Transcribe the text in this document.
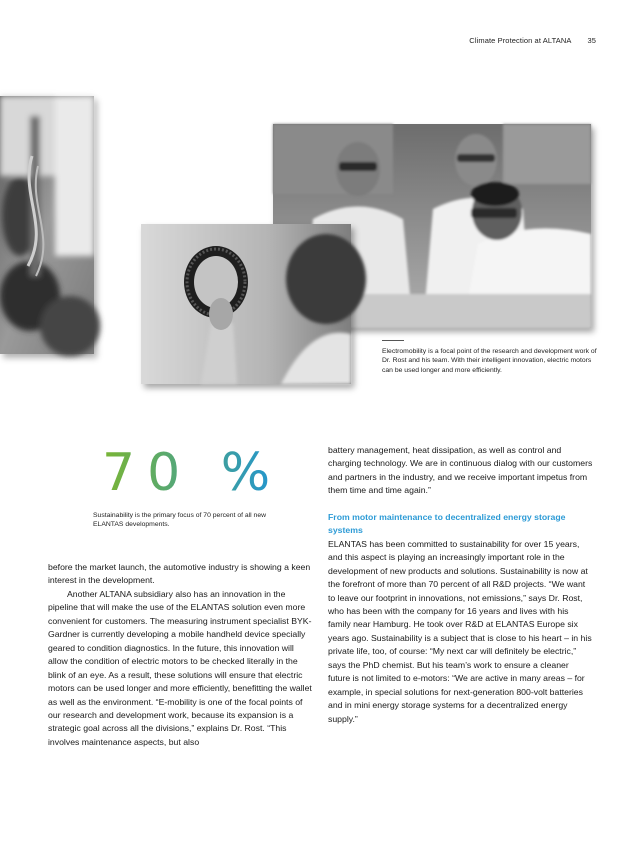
Climate Protection at ALTANA 35
Electromobility is a focal point of the research and development work of Dr. Rost and his team. With their intelligent innovation, electric motors can be used longer and more efficiently.
70 %
Sustainability is the primary focus of 70 percent of all new ELANTAS developments.

before the market launch, the automotive industry is showing a keen interest in the development.

Another ALTANA subsidiary also has an innovation in the pipeline that will make the use of the ELANTAS solution even more convenient for customers. The measuring instrument specialist BYK-Gardner is currently developing a mobile handheld device specially geared to condition diagnostics. In the future, this innovation will allow the condition of electric motors to be checked literally in the blink of an eye. As a result, these solutions will ensure that electric motors can be used longer and more efficiently, benefitting the wallet as well as the environment. “E-mobility is one of the focal points of our research and development work, because its expansion is a strategic goal across all the divisions,” explains Dr. Rost. “This involves maintenance aspects, but also

battery management, heat dissipation, as well as control and charging technology. We are in continuous dialog with our customers and partners in the industry, and we receive important impetus from them time and time again.”

From motor maintenance to decentralized energy storage systems

ELANTAS has been committed to sustainability for over 15 years, and this aspect is playing an increasingly important role in the development of new products and solutions. Sustainability is now at the forefront of more than 70 percent of all R&D projects. “We want to leave our footprint in innovations, not emissions,” says Dr. Rost, who has been with the company for 16 years and lives with his family near Hamburg. He took over R&D at ELANTAS Europe six years ago. Sustainability is a subject that is close to his heart – in his private life, too, of course: “My next car will definitely be electric,” says the PhD chemist. But his team’s work to ensure a cleaner future is not limited to e-motors: “We are active in many areas – for example, in special solutions for next-generation 800-volt batteries and in mini energy storage systems for a decentralized energy supply.”
